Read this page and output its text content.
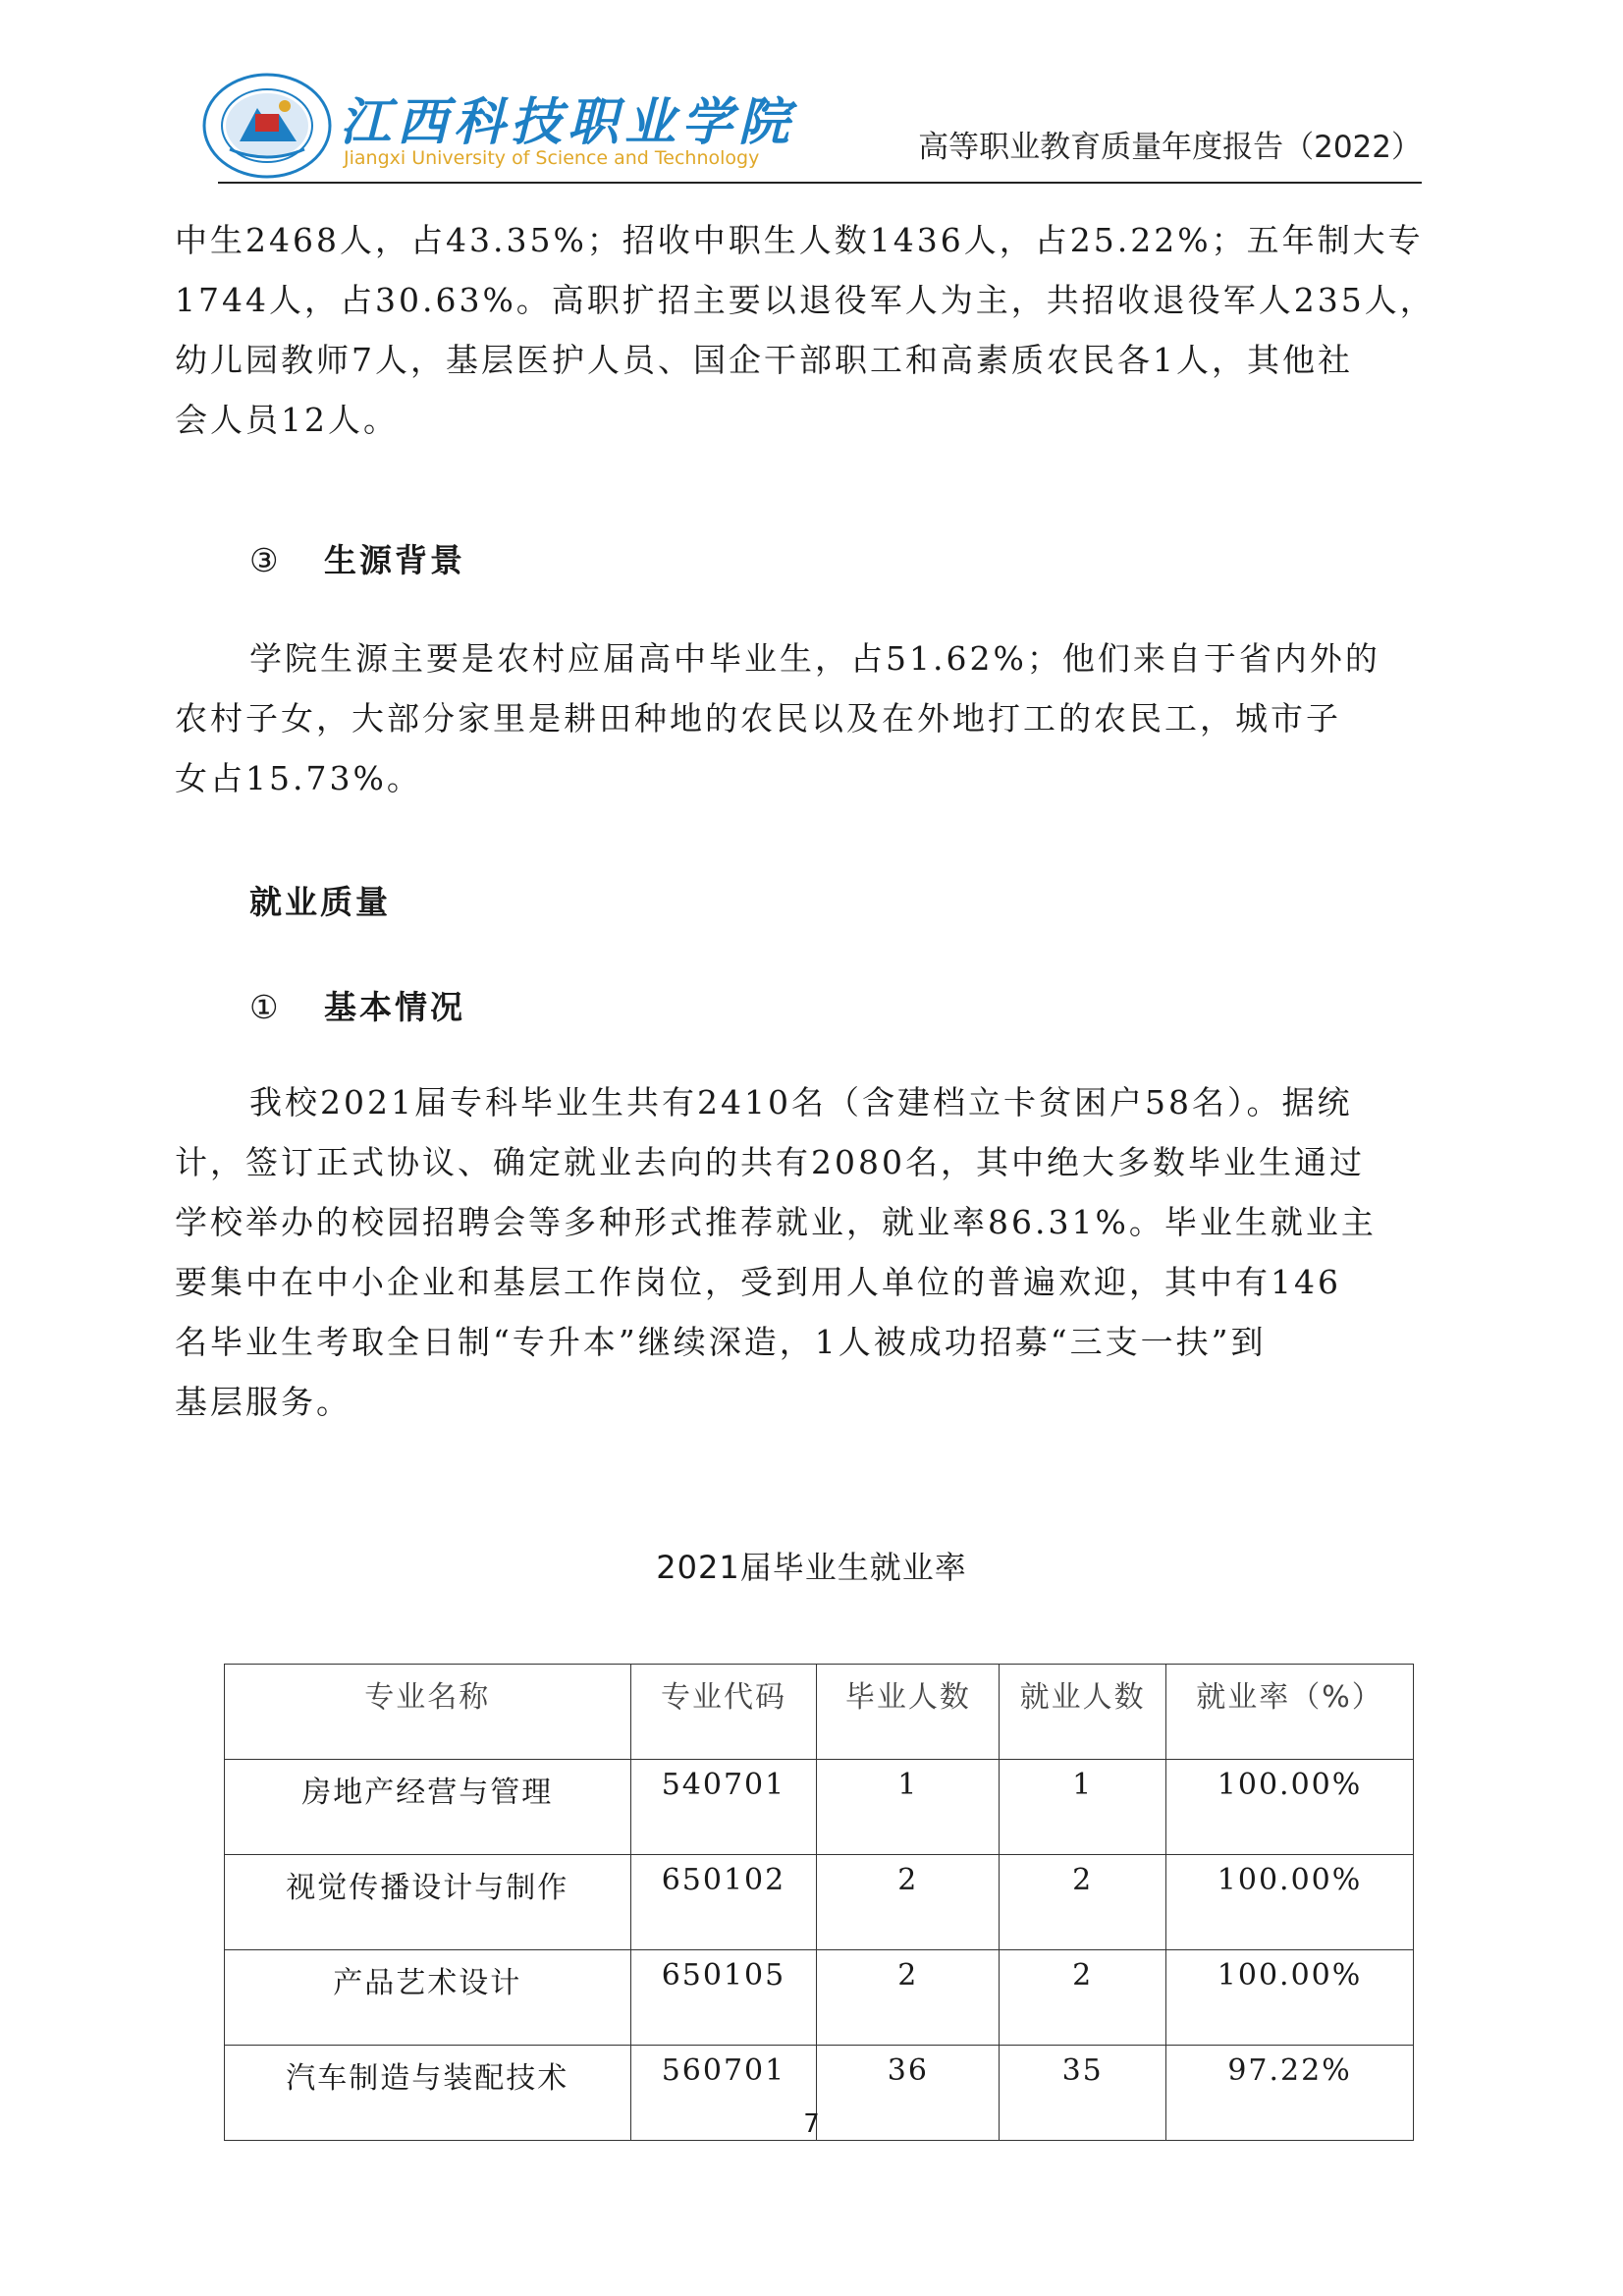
江西科技职业学院
Jiangxi University of Science and Technology	高等职业教育质量年度报告（2022）
中生2468人，占43.35%；招收中职生人数1436人，占25.22%；五年制大专
1744人，占30.63%。高职扩招主要以退役军人为主，共招收退役军人235人，
幼儿园教师7人，基层医护人员、国企干部职工和高素质农民各1人，其他社
会人员12人。
③ 生源背景
学院生源主要是农村应届高中毕业生，占51.62%；他们来自于省内外的
农村子女，大部分家里是耕田种地的农民以及在外地打工的农民工，城市子
女占15.73%。
就业质量
① 基本情况
我校2021届专科毕业生共有2410名（含建档立卡贫困户58名）。据统
计，签订正式协议、确定就业去向的共有2080名，其中绝大多数毕业生通过
学校举办的校园招聘会等多种形式推荐就业，就业率86.31%。毕业生就业主
要集中在中小企业和基层工作岗位，受到用人单位的普遍欢迎，其中有146
名毕业生考取全日制“专升本”继续深造，1人被成功招募“三支一扶”到
基层服务。
2021届毕业生就业率
专业名称	专业代码	毕业人数	就业人数	就业率（%）
房地产经营与管理	540701	1	1	100.00%
视觉传播设计与制作	650102	2	2	100.00%
产品艺术设计	650105	2	2	100.00%
汽车制造与装配技术	560701	36	35	97.22%
7
